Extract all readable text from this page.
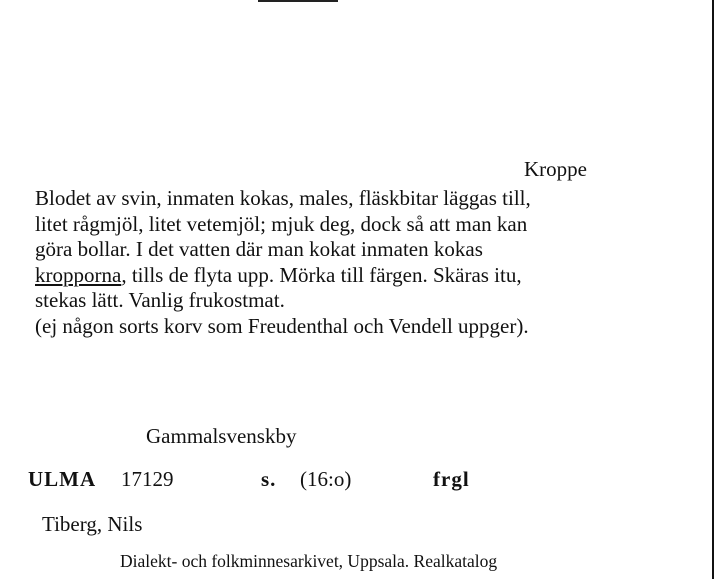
Kroppe
Blodet av svin, inmaten kokas, males, fläskbitar läggas till,
litet rågmjöl, litet vetemjöl; mjuk deg, dock så att man kan
göra bollar. I det vatten där man kokat inmaten kokas
kropporna, tills de flyta upp. Mörka till färgen. Skäras itu,
stekas lätt. Vanlig frukostmat.
(ej någon sorts korv som Freudenthal och Vendell uppger).
Gammalsvenskby
ULMA 17129	s. (16:o)	frgl
Tiberg, Nils
Dialekt- och folkminnesarkivet, Uppsala. Realkatalog
